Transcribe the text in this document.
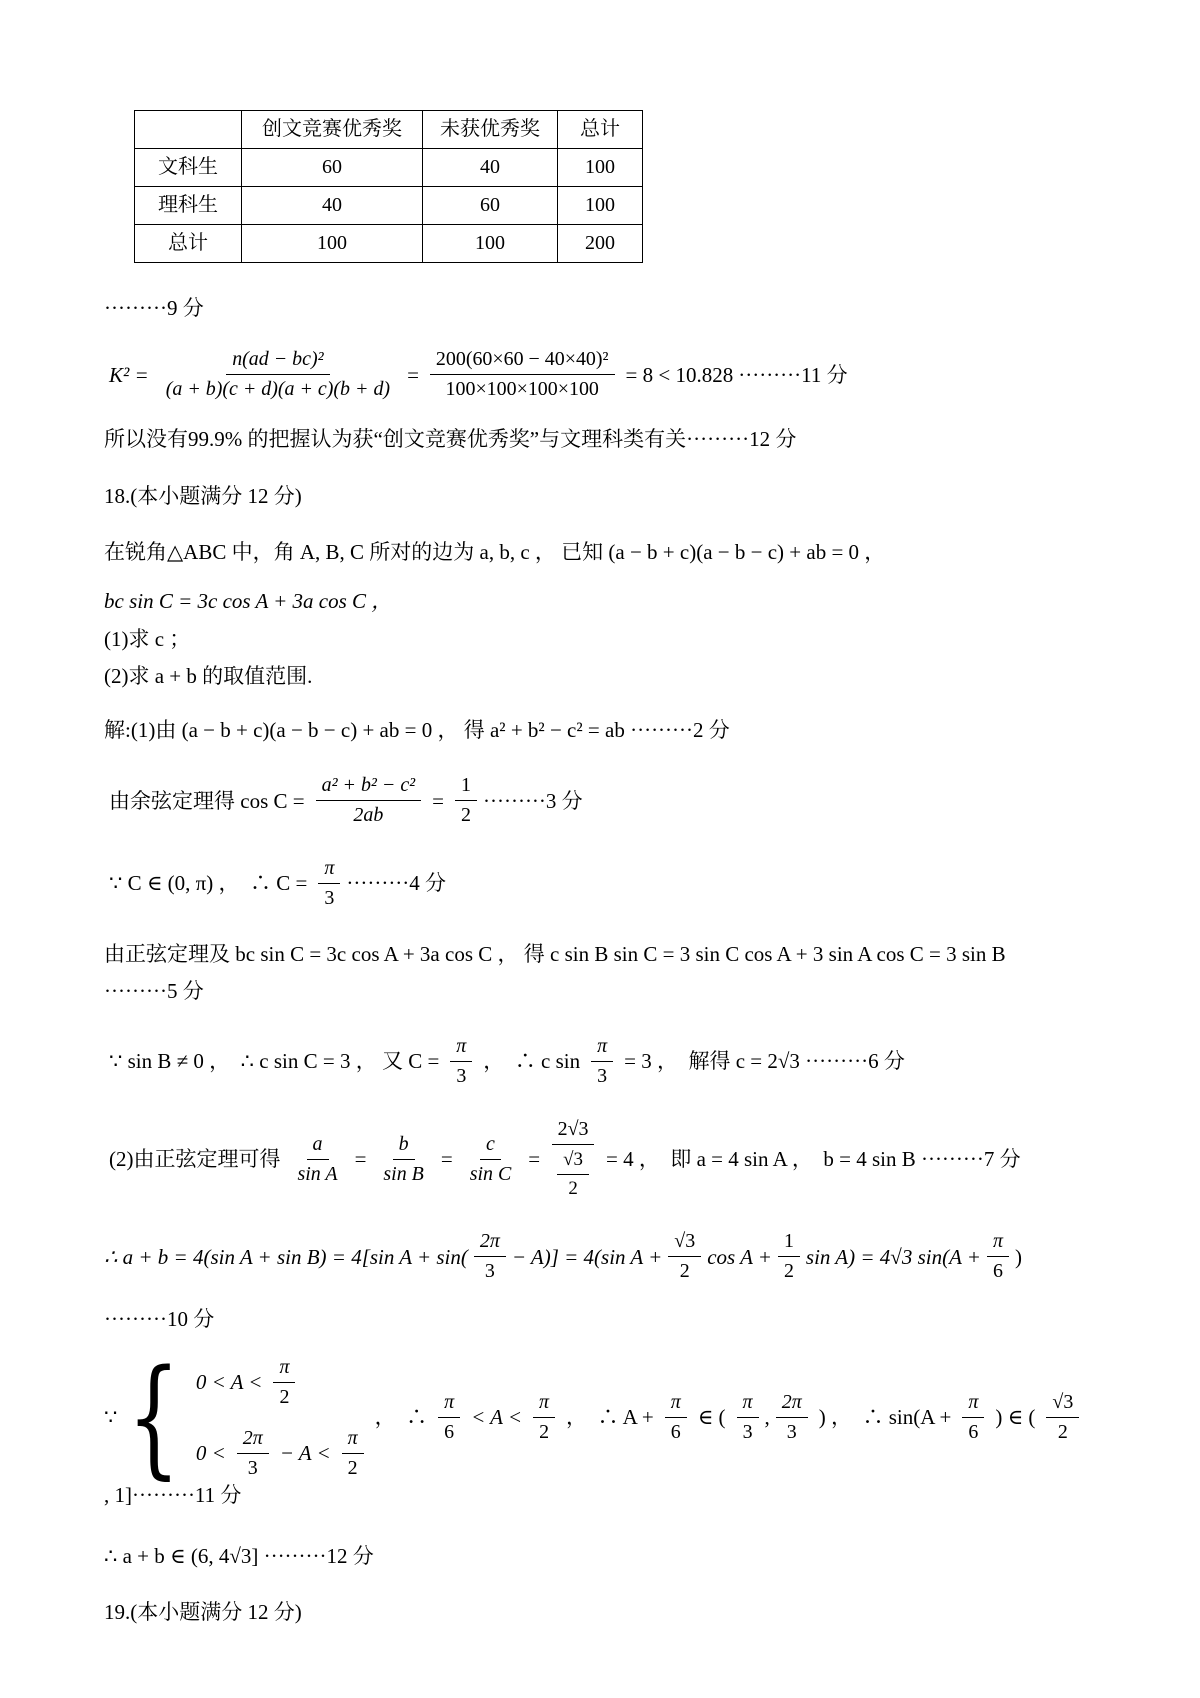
	创文竞赛优秀奖	未获优秀奖	总计
文科生	60	40	100
理科生	40	60	100
总计	100	100	200
·········9 分
$K^2 = \frac{\text{n(ad − bc)²}}{(a + b)(c + d)(a + c)(b + d)} = \frac{\text{200(60×60 − 40×40)²}}{100\times 100\times 100\times 100} = 8 < 10.828 \cdot\cdot\cdot\cdot\cdot\cdot\cdot\cdot\cdot 11$ 分
所以没有99.9% 的把握认为获“创文竞赛优秀奖”与文理科类有关·········12 分
18.(本小题满分 12 分)
在锐角△ABC 中，角 A, B, C 所对的边为 a, b, c ， 已知 (a − b + c)(a − b − c) + ab = 0 ，
bc sin C = 3c cos A + 3a cos C ，
(1)求 c ；
(2)求 a + b 的取值范围.
解:(1)由 (a − b + c)(a − b − c) + ab = 0 ， 得 a² + b² − c² = ab ·········2 分
由余弦定理得 $\cos C = \frac{\text{a² + b² − c²}}{2ab} = \frac{1}{2} \cdot\cdot\cdot\cdot\cdot\cdot\cdot\cdot\cdot 3$ 分
∵ C ∈ (0, π) ，  ∴ $C = \frac{\pi}{3} \cdot\cdot\cdot\cdot\cdot\cdot\cdot\cdot\cdot 4$ 分
由正弦定理及 bc sin C = 3c cos A + 3a cos C ， 得 c sin B sin C = 3 sin C cos A + 3 sin A cos C = 3 sin B
·········5 分
∵ sin B ≠ 0 ，  ∴ c sin C = 3 ， 又 $C = \frac{\pi}{3}$ ，  ∴ c $\sin \frac{\pi}{3} = 3$ ，  解得 c = 2√3 ·········6 分
(2)由正弦定理可得 $\frac{a}{\text{sin A}} = \frac{b}{\text{sin B}} = \frac{c}{\text{sin C}} = \frac{2√3}{\frac{√3}{2}} = 4$ ，  即 a = 4 sin A ，  b = 4 sin B ·········7 分
∴ a + b = 4(sin A + sin B) = 4[sin $A + \sin( \frac{2\pi}{3} - A)] = 4(\sin$ $A + \frac{√3}{2}$ $\cos A + \frac{1}{2}$ sin A) = 4√3 $\sin(A + \frac{\pi}{6}$ )
·········10 分
∵ { $0 < A < \frac{\pi}{2}$
$0 < \frac{2\pi}{3} - A < \frac{\pi}{2}$
，  ∴ $\frac{\pi}{6} < A < \frac{\pi}{2}$ ，  ∴ $A + \frac{\pi}{6}$ ∈ ( $\frac{\pi}{3}$ , $\frac{2\pi}{3}$ ) ，  ∴ $\sin(A + \frac{\pi}{6}$ ) ∈ ( $\frac{√3}{2}$
, 1]·········11 分
∴ a + b ∈ (6, 4√3] ·········12 分
19.(本小题满分 12 分)
